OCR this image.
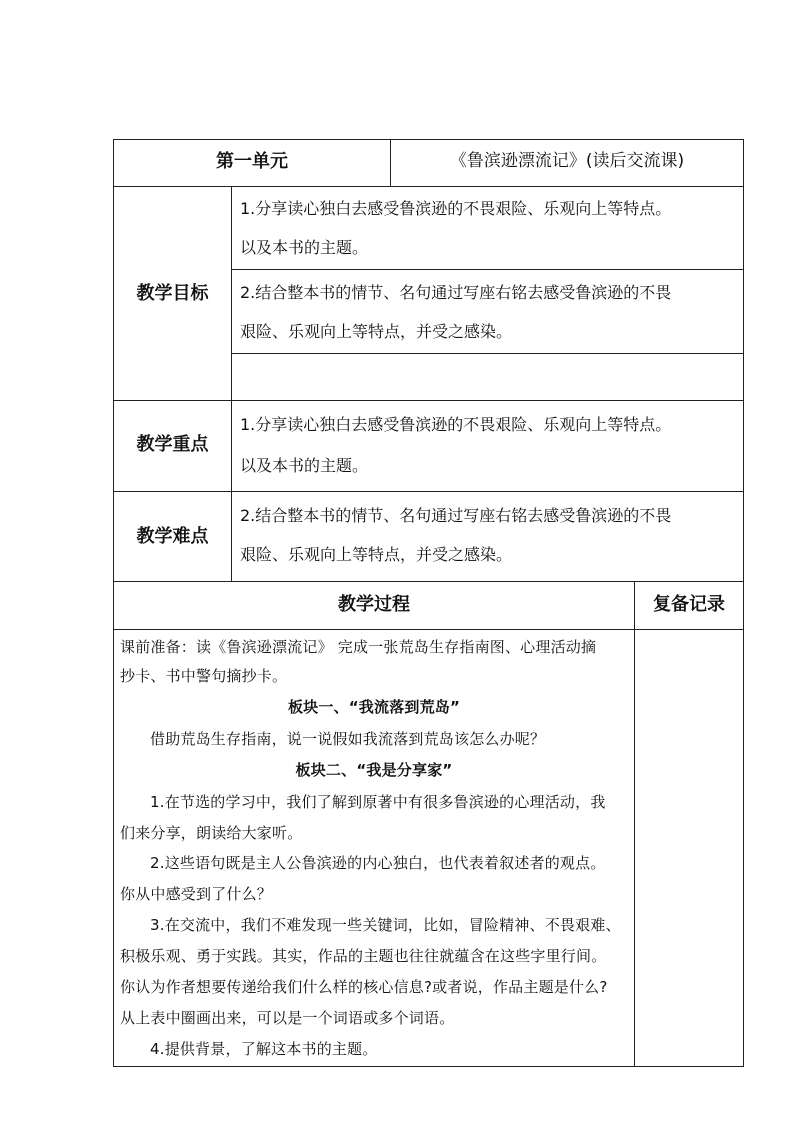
第一单元	《鲁滨逊漂流记》(读后交流课)
教学目标
1.分享读心独白去感受鲁滨逊的不畏艰险、乐观向上等特点。
以及本书的主题。
2.结合整本书的情节、名句通过写座右铭去感受鲁滨逊的不畏
艰险、乐观向上等特点，并受之感染。
教学重点
1.分享读心独白去感受鲁滨逊的不畏艰险、乐观向上等特点。
以及本书的主题。
教学难点
2.结合整本书的情节、名句通过写座右铭去感受鲁滨逊的不畏
艰险、乐观向上等特点，并受之感染。
教学过程	复备记录
课前准备：读《鲁滨逊漂流记》 完成一张荒岛生存指南图、心理活动摘
抄卡、书中警句摘抄卡。
板块一、“我流落到荒岛”
借助荒岛生存指南，说一说假如我流落到荒岛该怎么办呢？
板块二、“我是分享家”
1.在节选的学习中，我们了解到原著中有很多鲁滨逊的心理活动，我
们来分享，朗读给大家听。
2.这些语句既是主人公鲁滨逊的内心独白，也代表着叙述者的观点。
你从中感受到了什么？
3.在交流中，我们不难发现一些关键词，比如，冒险精神、不畏艰难、
积极乐观、勇于实践。其实，作品的主题也往往就蕴含在这些字里行间。
你认为作者想要传递给我们什么样的核心信息?或者说，作品主题是什么?
从上表中圈画出来，可以是一个词语或多个词语。
4.提供背景，了解这本书的主题。
